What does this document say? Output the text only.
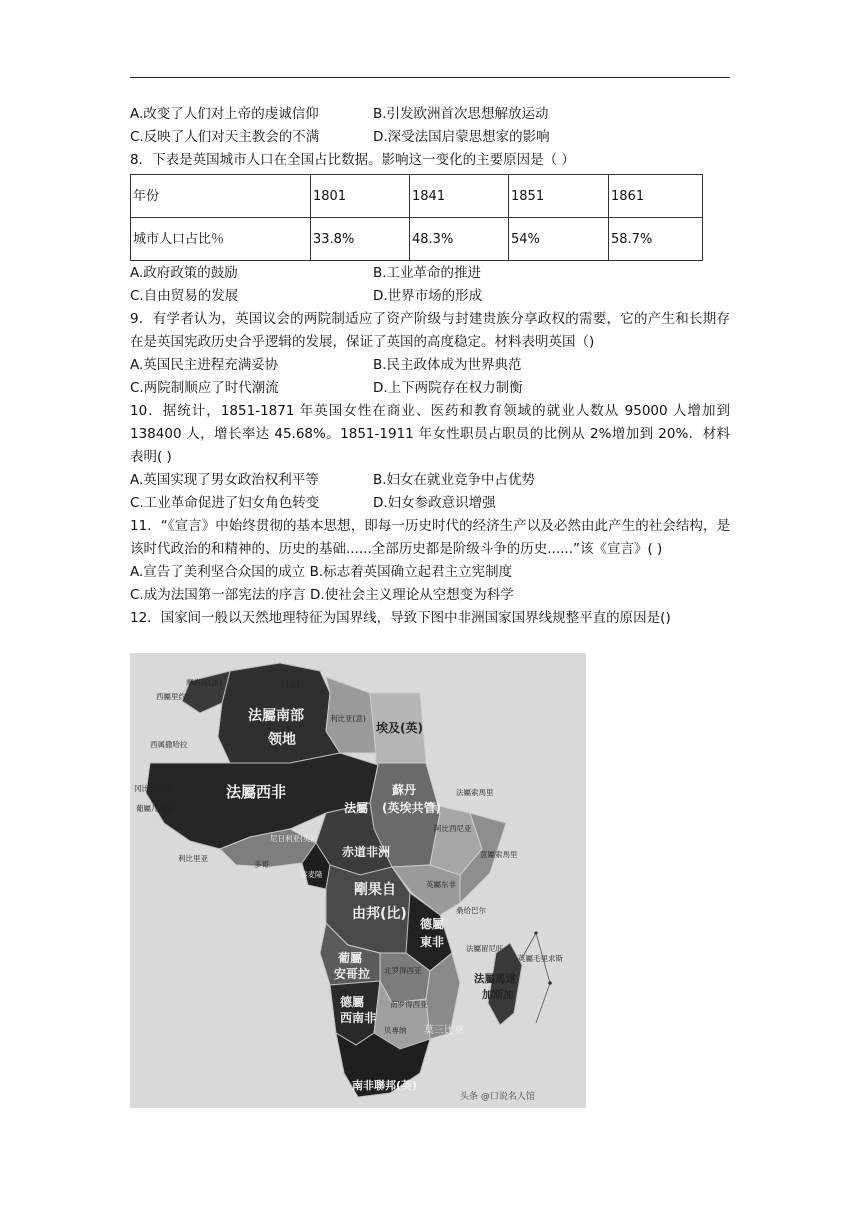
A.改变了人们对上帝的虔诚信仰	B.引发欧洲首次思想解放运动
C.反映了人们对天主教会的不满	D.深受法国启蒙思想家的影响
8．下表是英国城市人口在全国占比数据。影响这一变化的主要原因是（ ）
年份	1801	1841	1851	1861
城市人口占比％	33.8%	48.3%	54%	58.7%
A.政府政策的鼓励	B.工业革命的推进
C.自由贸易的发展	D.世界市场的形成
9．有学者认为，英国议会的两院制适应了资产阶级与封建贵族分享政权的需要，它的产生和长期存在是英国宪政历史合乎逻辑的发展，保证了英国的高度稳定。材料表明英国（)
A.英国民主进程充满妥协	B.民主政体成为世界典范
C.两院制顺应了时代潮流	D.上下两院存在权力制衡
10．据统计，1851-1871 年英国女性在商业、医药和教育领域的就业人数从 95000 人增加到 138400 人，增长率达 45.68%。1851-1911 年女性职员占职员的比例从 2%增加到 20%．材料表明( )
A.英国实现了男女政治权利平等	B.妇女在就业竞争中占优势
C.工业革命促进了妇女角色转变	D.妇女参政意识增强
11．“《宣言》中始终贯彻的基本思想，即每一历史时代的经济生产以及必然由此产生的社会结构，是该时代政治的和精神的、历史的基础......全部历史都是阶级斗争的历史......”该《宣言》( )
A.宣告了美利坚合众国的成立 B.标志着英国确立起君主立宪制度
C.成为法国第一部宪法的序言 D.使社会主义理论从空想变为科学
12．国家间一般以天然地理特征为国界线，导致下图中非洲国家国界线规整平直的原因是()
法屬南部
领地
埃及(英)
蘇丹
(英埃共管)
法屬西非
法屬
赤道非洲
剛果自
由邦(比)
德屬
東非
葡屬
安哥拉
莫三比克
德屬
西南非
南非聯邦(英)
法屬馬達
加斯加
西屬里约
摩洛哥(法)	(法)
利比亚(意)
西属撒哈拉
冈比亚(英)
葡屬几内亚
利比里亚
多哥
尼日利亚(英)
喀麦隆
法屬索馬里
阿比西尼亚
意屬索馬里
英屬东非
桑给巴尔
北罗得西亚
南罗得西亚
贝專纳
法屬留尼旺
英屬毛里求斯
头条 @口说名人馆
